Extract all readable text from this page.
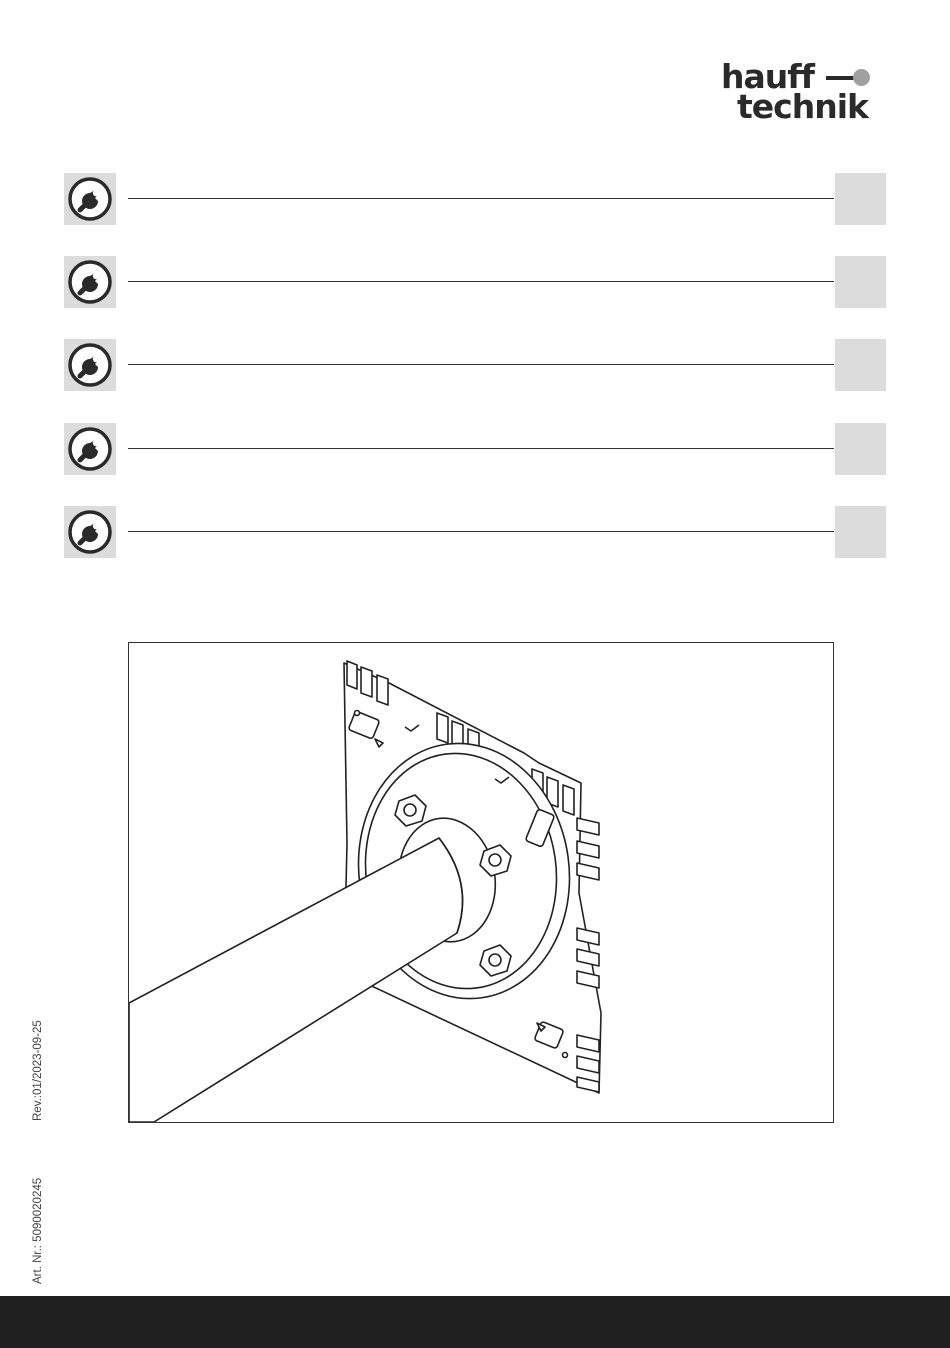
hauff
technik
Rev.:01/2023-09-25
Art. Nr.: 5090020245
